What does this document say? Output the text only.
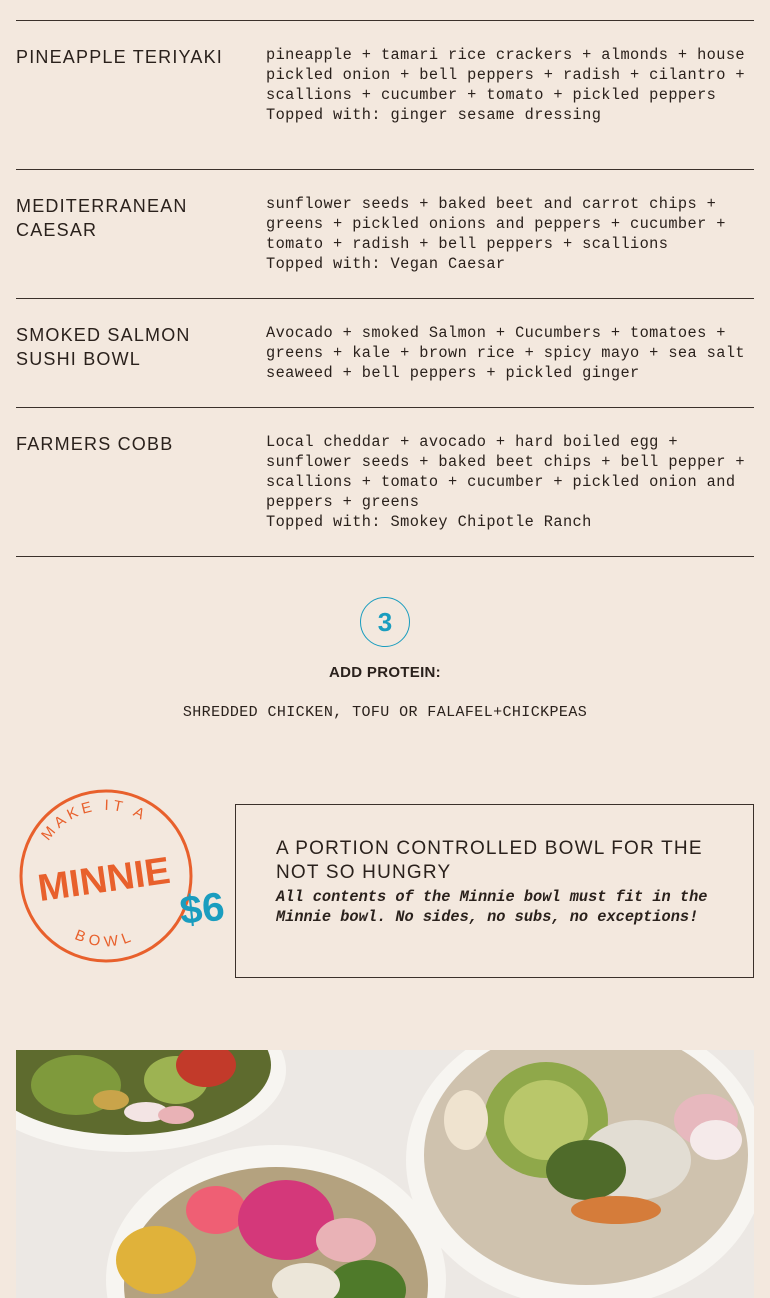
PINEAPPLE TERIYAKI	pineapple + tamari rice crackers + almonds + house pickled onion + bell peppers + radish + cilantro + scallions + cucumber + tomato + pickled peppers
Topped with: ginger sesame dressing
MEDITERRANEAN CAESAR
sunflower seeds + baked beet and carrot chips + greens + pickled onions and peppers + cucumber + tomato + radish + bell peppers + scallions
Topped with: Vegan Caesar
SMOKED SALMON SUSHI BOWL
Avocado + smoked Salmon + Cucumbers + tomatoes + greens + kale + brown rice + spicy mayo + sea salt seaweed + bell peppers + pickled ginger
FARMERS COBB	Local cheddar + avocado + hard boiled egg + sunflower seeds + baked beet chips + bell pepper + scallions + tomato + cucumber + pickled onion and peppers + greens
Topped with: Smokey Chipotle Ranch
3
ADD PROTEIN:
SHREDDED CHICKEN, TOFU OR FALAFEL+CHICKPEAS
MAKE IT A
MINNIE
BOWL
$6
A PORTION CONTROLLED BOWL FOR THE NOT SO HUNGRY
All contents of the Minnie bowl must fit in the Minnie bowl. No sides, no subs, no exceptions!
